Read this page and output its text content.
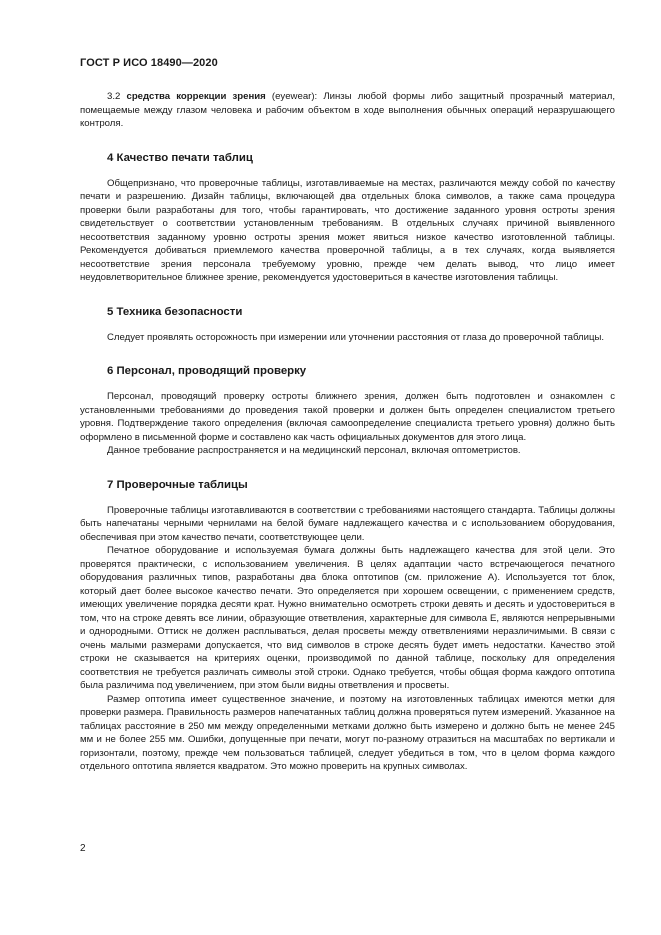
ГОСТ Р ИСО 18490—2020

3.2 средства коррекции зрения (eyewear): Линзы любой формы либо защитный прозрачный материал, помещаемые между глазом человека и рабочим объектом в ходе выполнения обычных операций неразрушающего контроля.

4 Качество печати таблиц

Общепризнано, что проверочные таблицы, изготавливаемые на местах, различаются между собой по качеству печати и разрешению. Дизайн таблицы, включающей два отдельных блока символов, а также сама процедура проверки были разработаны для того, чтобы гарантировать, что достижение заданного уровня остроты зрения свидетельствует о соответствии установленным требованиям. В отдельных случаях причиной выявленного несоответствия заданному уровню остроты зрения может явиться низкое качество изготовленной таблицы. Рекомендуется добиваться приемлемого качества проверочной таблицы, а в тех случаях, когда выявляется несоответствие зрения персонала требуемому уровню, прежде чем делать вывод, что лицо имеет неудовлетворительное ближнее зрение, рекомендуется удостовериться в качестве изготовления таблицы.

5 Техника безопасности

Следует проявлять осторожность при измерении или уточнении расстояния от глаза до проверочной таблицы.

6 Персонал, проводящий проверку

Персонал, проводящий проверку остроты ближнего зрения, должен быть подготовлен и ознакомлен с установленными требованиями до проведения такой проверки и должен быть определен специалистом третьего уровня. Подтверждение такого определения (включая самоопределение специалиста третьего уровня) должно быть оформлено в письменной форме и составлено как часть официальных документов для этого лица.

Данное требование распространяется и на медицинский персонал, включая оптометристов.

7 Проверочные таблицы

Проверочные таблицы изготавливаются в соответствии с требованиями настоящего стандарта. Таблицы должны быть напечатаны черными чернилами на белой бумаге надлежащего качества и с использованием оборудования, обеспечивая при этом качество печати, соответствующее цели.

Печатное оборудование и используемая бумага должны быть надлежащего качества для этой цели. Это проверятся практически, с использованием увеличения. В целях адаптации часто встречающегося печатного оборудования различных типов, разработаны два блока оптотипов (см. приложение А). Используется тот блок, который дает более высокое качество печати. Это определяется при хорошем освещении, с применением средств, имеющих увеличение порядка десяти крат. Нужно внимательно осмотреть строки девять и десять и удостовериться в том, что на строке девять все линии, образующие ответвления, характерные для символа Е, являются непрерывными и однородными. Оттиск не должен расплываться, делая просветы между ответвлениями неразличимыми. В связи с очень малыми размерами допускается, что вид символов в строке десять будет иметь недостатки. Качество этой строки не сказывается на критериях оценки, производимой по данной таблице, поскольку для определения соответствия не требуется различать символы этой строки. Однако требуется, чтобы общая форма каждого оптотипа была различима под увеличением, при этом были видны ответвления и просветы.

Размер оптотипа имеет существенное значение, и поэтому на изготовленных таблицах имеются метки для проверки размера. Правильность размеров напечатанных таблиц должна проверяться путем измерений. Указанное на таблицах расстояние в 250 мм между определенными метками должно быть измерено и должно быть не менее 245 мм и не более 255 мм. Ошибки, допущенные при печати, могут по-разному отразиться на масштабах по вертикали и горизонтали, поэтому, прежде чем пользоваться таблицей, следует убедиться в том, что в целом форма каждого отдельного оптотипа является квадратом. Это можно проверить на крупных символах.

2
